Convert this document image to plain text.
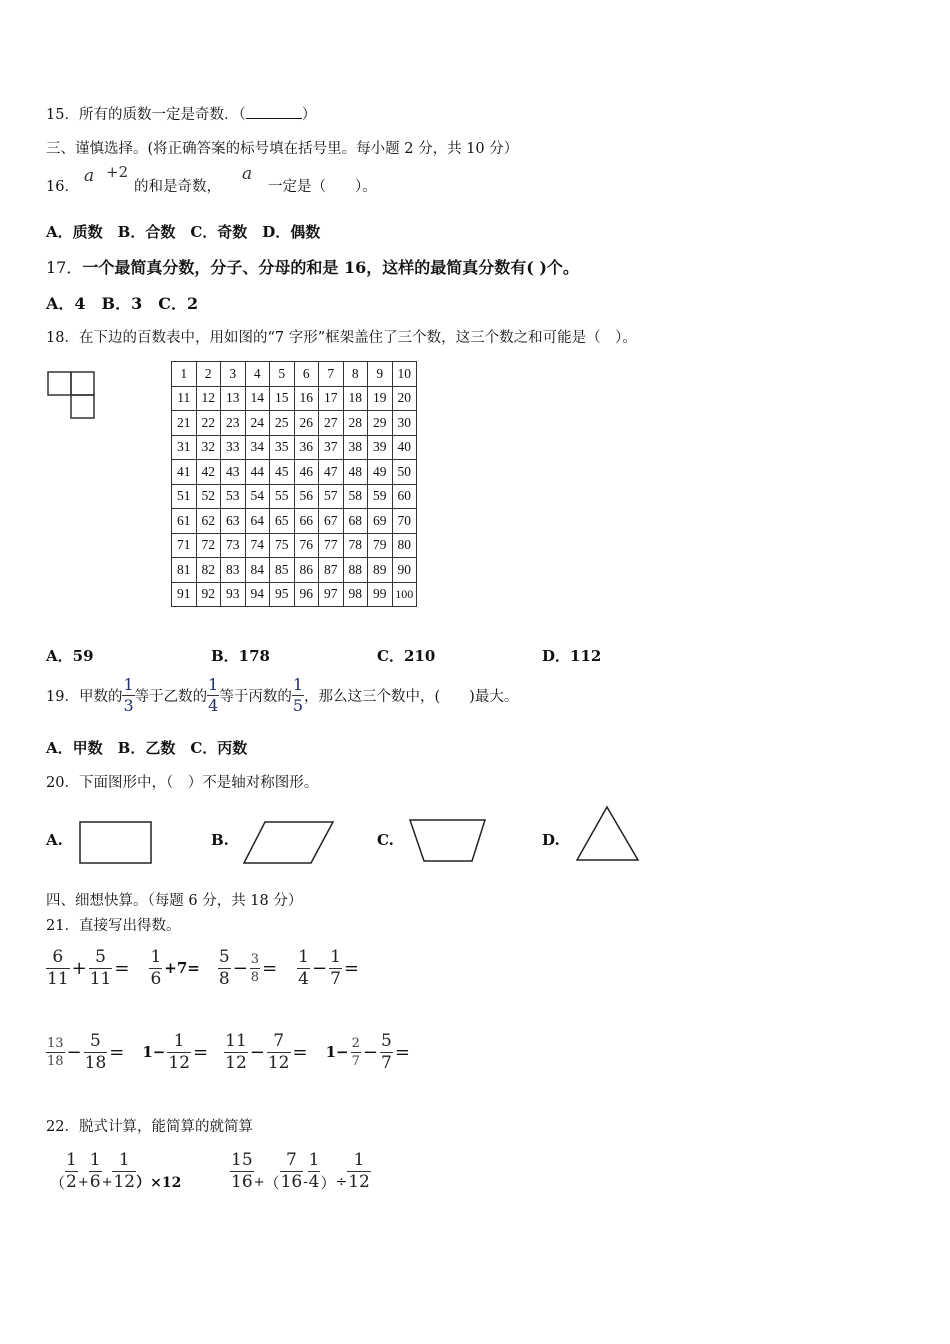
15．所有的质数一定是奇数．（	）
三、谨慎选择。(将正确答案的标号填在括号里。每小题 2 分，共 10 分）
16．
a +2
的和是奇数，
a
一定是（　　）。
A．质数　B．合数　C．奇数　D．偶数
17．一个最简真分数，分子、分母的和是 16，这样的最简真分数有( )个。
A．4　B．3　C．2
18．在下边的百数表中，用如图的“7 字形”框架盖住了三个数，这三个数之和可能是（　）。
1	2	3	4	5	6	7	8	9	10
11	12	13	14	15	16	17	18	19	20
21	22	23	24	25	26	27	28	29	30
31	32	33	34	35	36	37	38	39	40
41	42	43	44	45	46	47	48	49	50
51	52	53	54	55	56	57	58	59	60
61	62	63	64	65	66	67	68	69	70
71	72	73	74	75	76	77	78	79	80
81	82	83	84	85	86	87	88	89	90
91	92	93	94	95	96	97	98	99	100
A．59	B．178	C．210	D．112
19． 甲数的 $\frac{1}{3}$ 等于乙数的 $\frac{1}{4}$ 等于丙数的 $\frac{1}{5}$ ，那么这三个数中，(　　)最大。
A．甲数　B．乙数　C．丙数
20．下面图形中，（　）不是轴对称图形。
A.	B.	C.	D.
四、细想快算。（每题 6 分，共 18 分）
21．直接写出得数。
$\frac{6}{11} + \frac{5}{11} = \frac{1}{6} +7= \frac{5}{8} - \frac{3}{8} = \frac{1}{4} - \frac{1}{7}$ =
$\frac{13}{18} - \frac{5}{18} = 1- \frac{1}{12} = \frac{11}{12} - \frac{7}{12} = 1- \frac{2}{7} - \frac{5}{7}$ =
22．脱式计算，能简算的就简算
（ $\frac{1}{2} + \frac{1}{6} + \frac{1}{12} )\times 12$	$\frac{15}{16}$ + （ $\frac{7}{16} - \frac{1}{4}$ ） ÷ $\frac{1}{12}$
